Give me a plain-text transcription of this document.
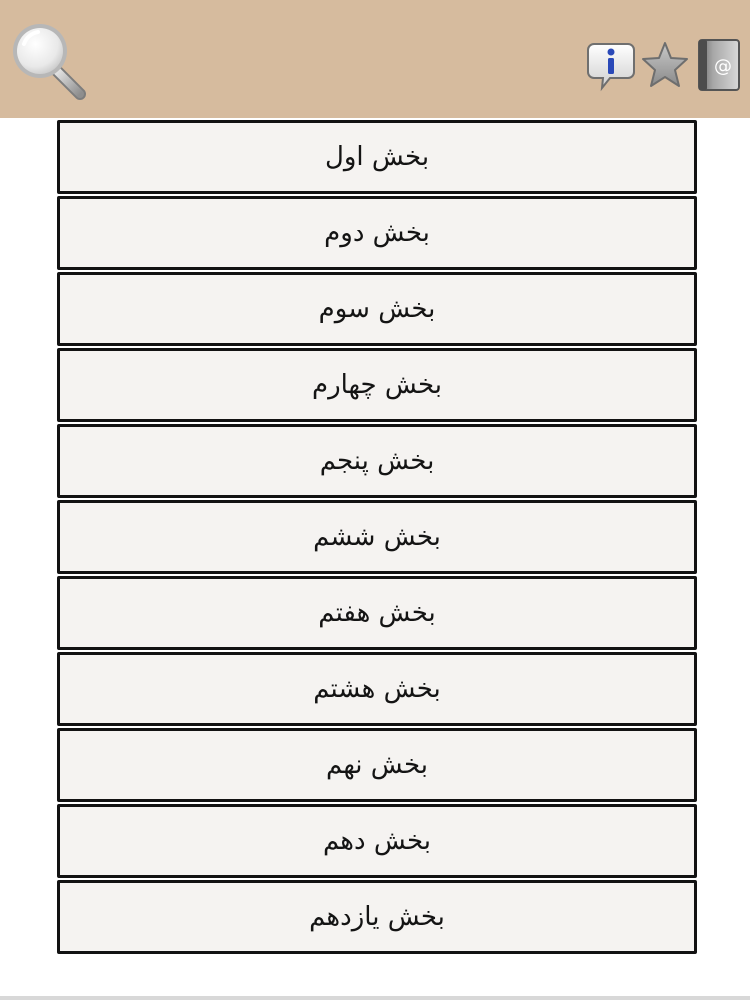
@
بخش اول
بخش دوم
بخش سوم
بخش چهارم
بخش پنجم
بخش ششم
بخش هفتم
بخش هشتم
بخش نهم
بخش دهم
بخش یازدهم
